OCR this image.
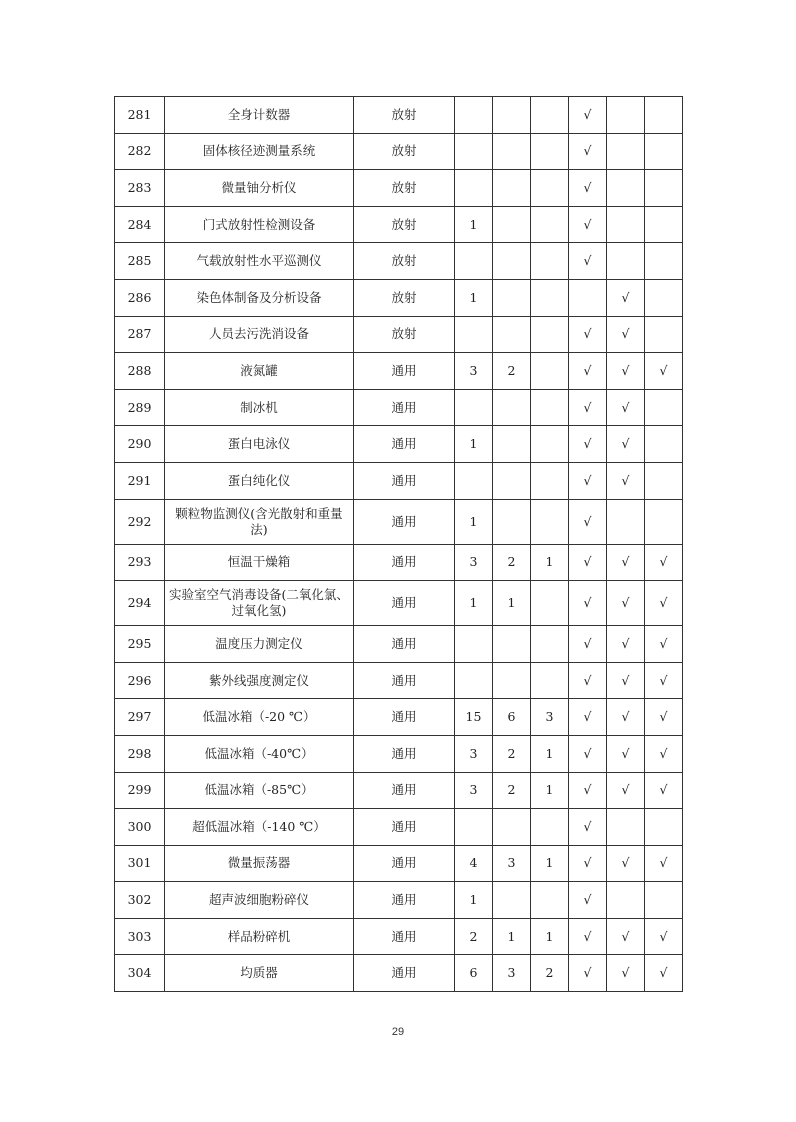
281	全身计数器	放射				√		
282	固体核径迹测量系统	放射				√		
283	微量铀分析仪	放射				√		
284	门式放射性检测设备	放射	1			√		
285	气载放射性水平巡测仪	放射				√		
286	染色体制备及分析设备	放射	1				√	
287	人员去污洗消设备	放射				√	√	
288	液氮罐	通用	3	2		√	√	√
289	制冰机	通用				√	√	
290	蛋白电泳仪	通用	1			√	√	
291	蛋白纯化仪	通用				√	√	
292	颗粒物监测仪(含光散射和重量法)	通用	1			√		
293	恒温干燥箱	通用	3	2	1	√	√	√
294	实验室空气消毒设备(二氧化氯、过氧化氢)	通用	1	1		√	√	√
295	温度压力测定仪	通用				√	√	√
296	紫外线强度测定仪	通用				√	√	√
297	低温冰箱（-20 ℃）	通用	15	6	3	√	√	√
298	低温冰箱（-40℃）	通用	3	2	1	√	√	√
299	低温冰箱（-85℃）	通用	3	2	1	√	√	√
300	超低温冰箱（-140 ℃）	通用				√		
301	微量振荡器	通用	4	3	1	√	√	√
302	超声波细胞粉碎仪	通用	1			√		
303	样品粉碎机	通用	2	1	1	√	√	√
304	均质器	通用	6	3	2	√	√	√
29
